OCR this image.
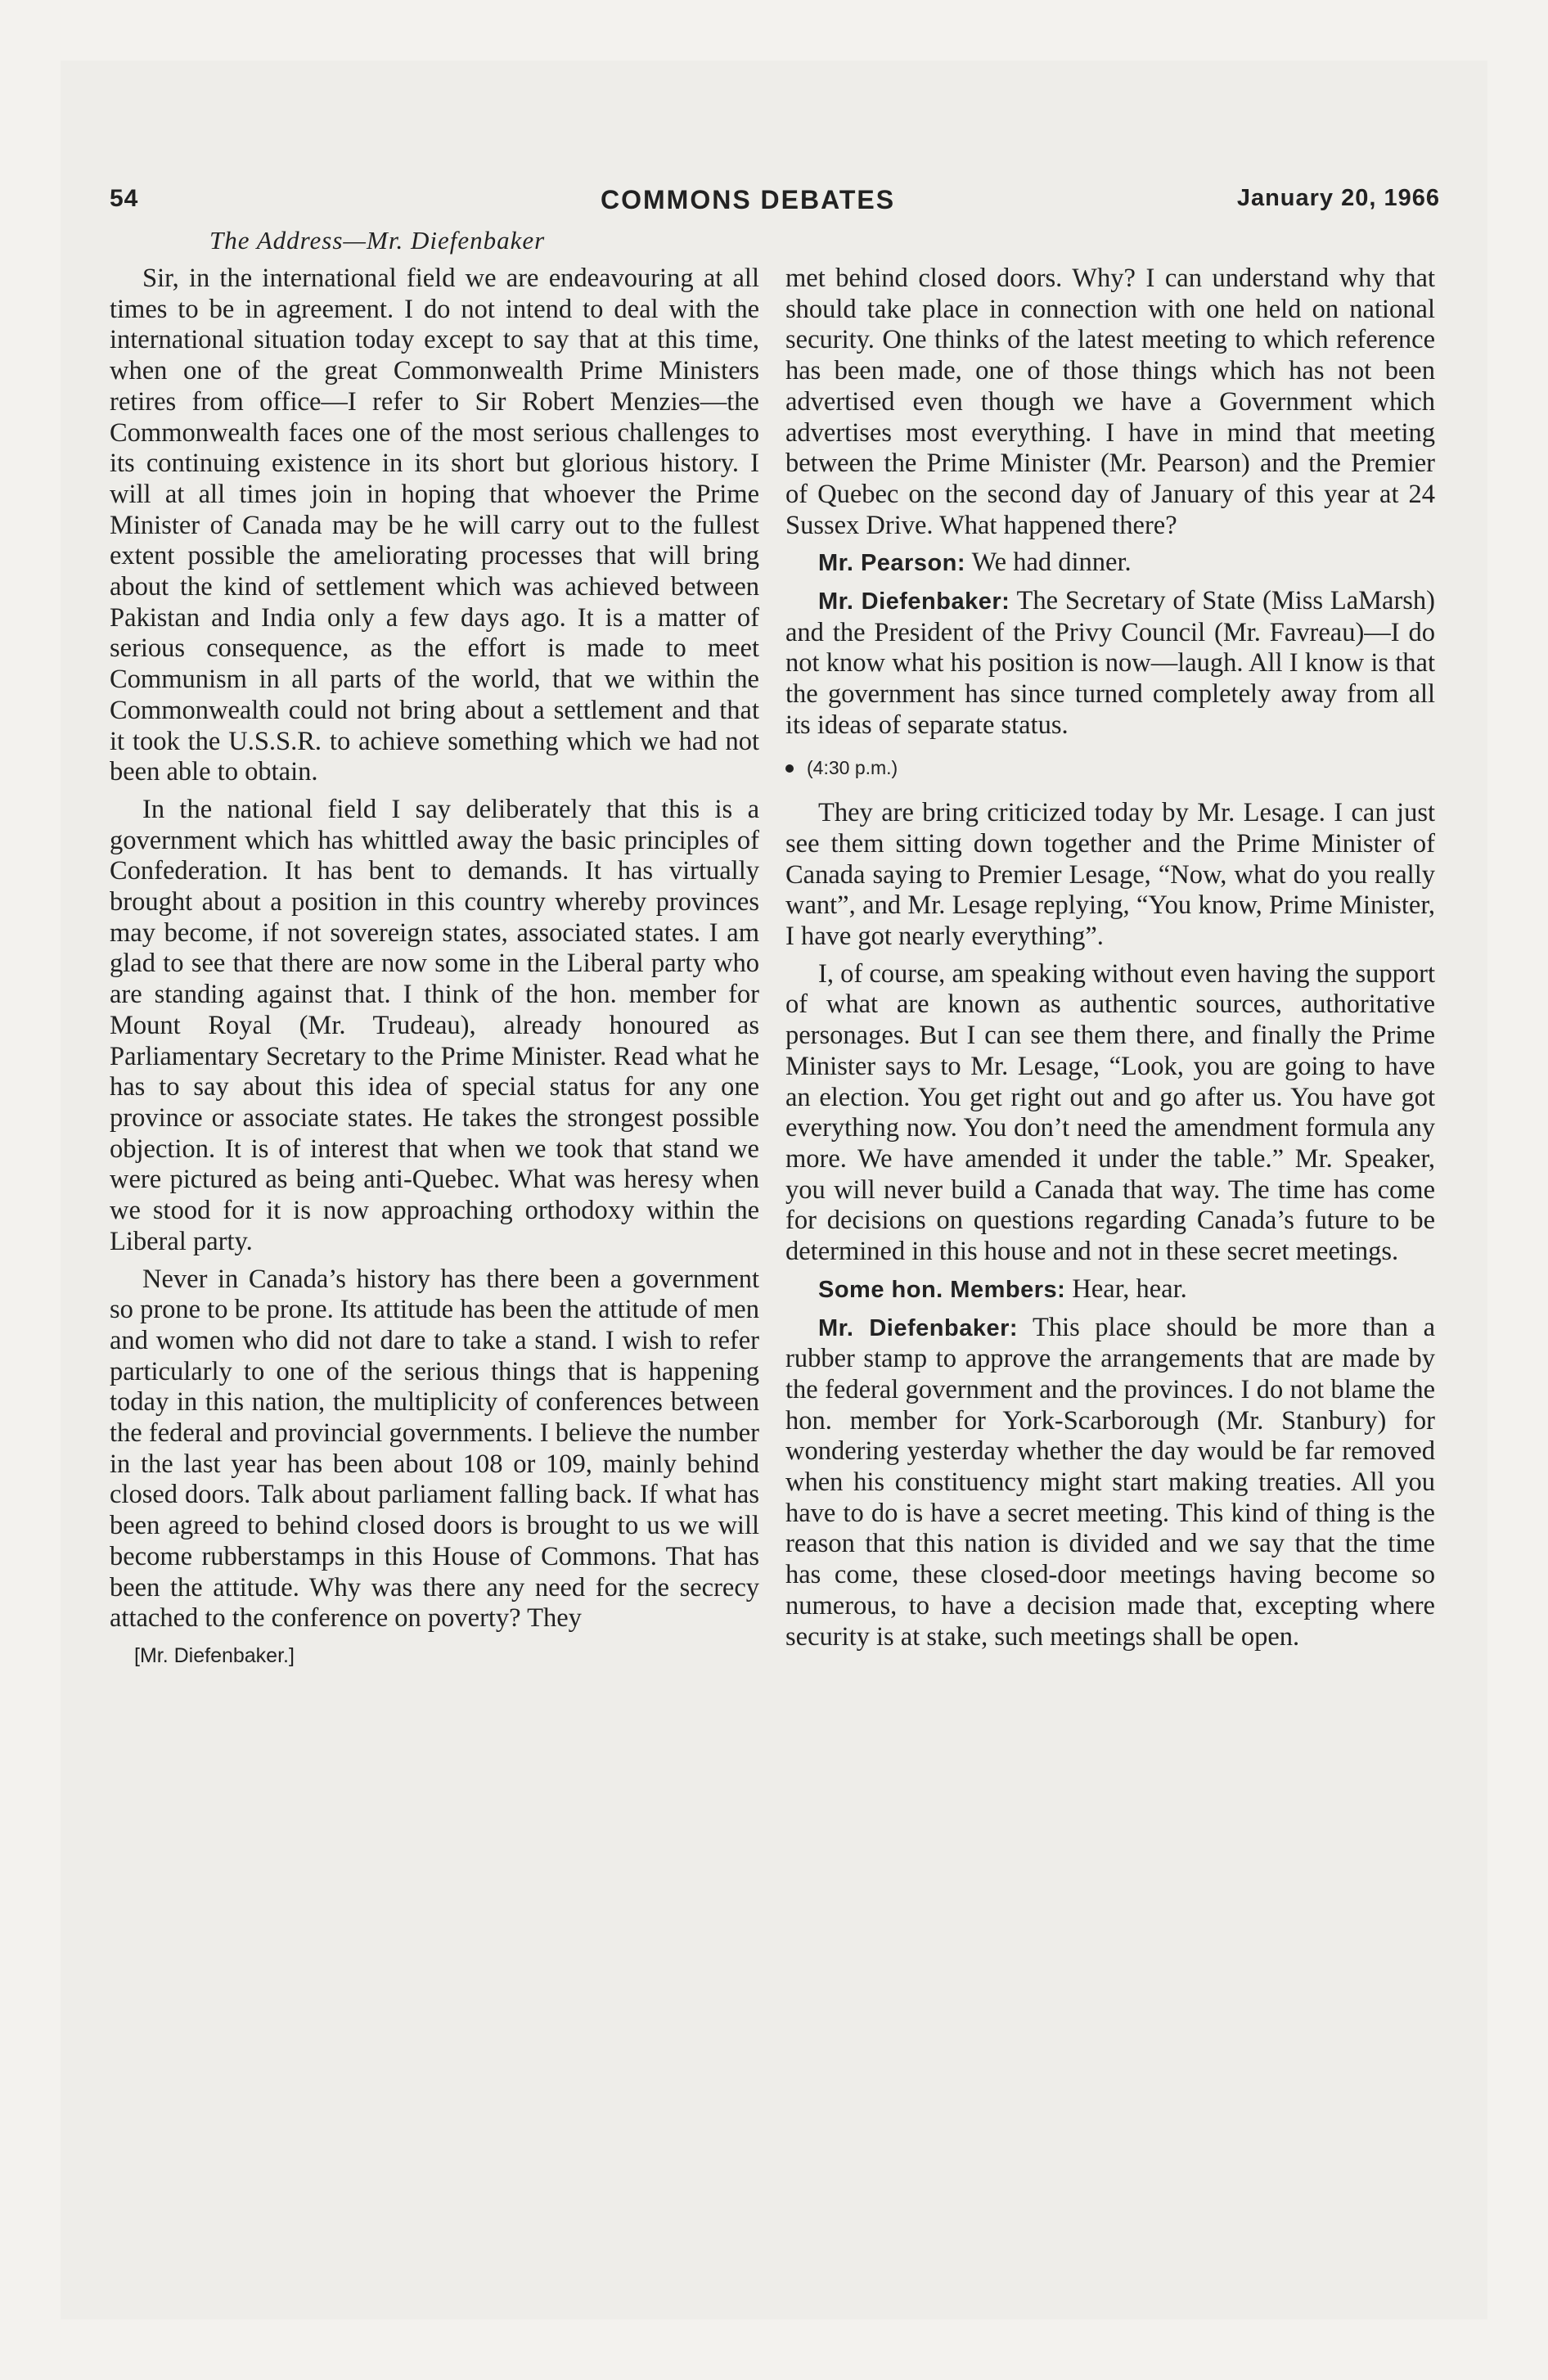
54	COMMONS DEBATES	January 20, 1966
The Address—Mr. Diefenbaker

Sir, in the international field we are endeavouring at all times to be in agreement. I do not intend to deal with the international situation today except to say that at this time, when one of the great Commonwealth Prime Ministers retires from office—I refer to Sir Robert Menzies—the Commonwealth faces one of the most serious challenges to its continuing existence in its short but glorious history. I will at all times join in hoping that whoever the Prime Minister of Canada may be he will carry out to the fullest extent possible the ameliorating processes that will bring about the kind of settlement which was achieved between Pakistan and India only a few days ago. It is a matter of serious consequence, as the effort is made to meet Communism in all parts of the world, that we within the Commonwealth could not bring about a settlement and that it took the U.S.S.R. to achieve something which we had not been able to obtain.

In the national field I say deliberately that this is a government which has whittled away the basic principles of Confederation. It has bent to demands. It has virtually brought about a position in this country whereby provinces may become, if not sovereign states, associated states. I am glad to see that there are now some in the Liberal party who are standing against that. I think of the hon. member for Mount Royal (Mr. Trudeau), already honoured as Parliamentary Secretary to the Prime Minister. Read what he has to say about this idea of special status for any one province or associate states. He takes the strongest possible objection. It is of interest that when we took that stand we were pictured as being anti-Quebec. What was heresy when we stood for it is now approaching orthodoxy within the Liberal party.

Never in Canada’s history has there been a government so prone to be prone. Its attitude has been the attitude of men and women who did not dare to take a stand. I wish to refer particularly to one of the serious things that is happening today in this nation, the multiplicity of conferences between the federal and provincial governments. I believe the number in the last year has been about 108 or 109, mainly behind closed doors. Talk about parliament falling back. If what has been agreed to behind closed doors is brought to us we will become rubberstamps in this House of Commons. That has been the attitude. Why was there any need for the secrecy attached to the conference on poverty? They

[Mr. Diefenbaker.]

met behind closed doors. Why? I can understand why that should take place in connection with one held on national security. One thinks of the latest meeting to which reference has been made, one of those things which has not been advertised even though we have a Government which advertises most everything. I have in mind that meeting between the Prime Minister (Mr. Pearson) and the Premier of Quebec on the second day of January of this year at 24 Sussex Drive. What happened there?

Mr. Pearson: We had dinner.

Mr. Diefenbaker: The Secretary of State (Miss LaMarsh) and the President of the Privy Council (Mr. Favreau)—I do not know what his position is now—laugh. All I know is that the government has since turned completely away from all its ideas of separate status.

(4:30 p.m.)

They are bring criticized today by Mr. Lesage. I can just see them sitting down together and the Prime Minister of Canada saying to Premier Lesage, “Now, what do you really want”, and Mr. Lesage replying, “You know, Prime Minister, I have got nearly everything”.

I, of course, am speaking without even having the support of what are known as authentic sources, authoritative personages. But I can see them there, and finally the Prime Minister says to Mr. Lesage, “Look, you are going to have an election. You get right out and go after us. You have got everything now. You don’t need the amendment formula any more. We have amended it under the table.” Mr. Speaker, you will never build a Canada that way. The time has come for decisions on questions regarding Canada’s future to be determined in this house and not in these secret meetings.

Some hon. Members: Hear, hear.

Mr. Diefenbaker: This place should be more than a rubber stamp to approve the arrangements that are made by the federal government and the provinces. I do not blame the hon. member for York-Scarborough (Mr. Stanbury) for wondering yesterday whether the day would be far removed when his constituency might start making treaties. All you have to do is have a secret meeting. This kind of thing is the reason that this nation is divided and we say that the time has come, these closed-door meetings having become so numerous, to have a decision made that, excepting where security is at stake, such meetings shall be open.
